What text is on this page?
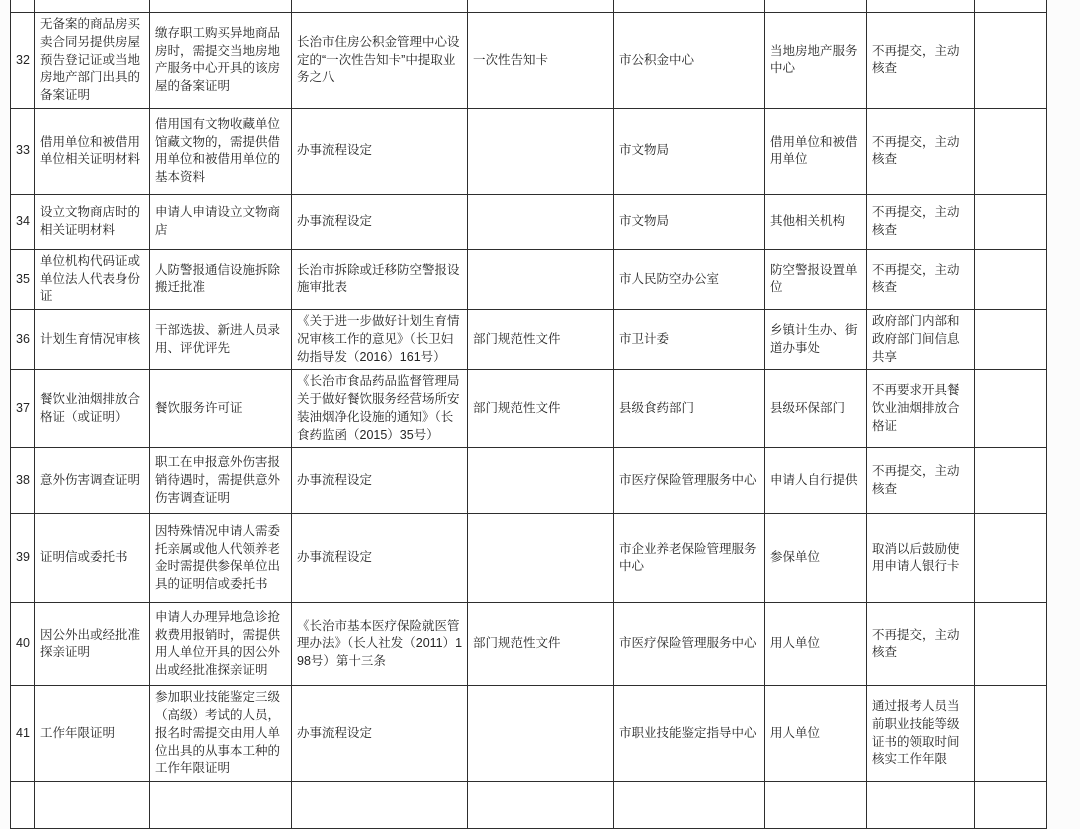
32	无备案的商品房买卖合同另提供房屋预告登记证或当地房地产部门出具的备案证明	缴存职工购买异地商品房时，需提交当地房地产服务中心开具的该房屋的备案证明	长治市住房公积金管理中心设定的“一次性告知卡”中提取业务之八	一次性告知卡	市公积金中心	当地房地产服务中心	不再提交，主动核查	
33	借用单位和被借用单位相关证明材料	借用国有文物收藏单位馆藏文物的，需提供借用单位和被借用单位的基本资料	办事流程设定		市文物局	借用单位和被借用单位	不再提交，主动核查	
34	设立文物商店时的相关证明材料	申请人申请设立文物商店	办事流程设定		市文物局	其他相关机构	不再提交，主动核查	
35	单位机构代码证或单位法人代表身份证	人防警报通信设施拆除搬迁批准	长治市拆除或迁移防空警报设施审批表		市人民防空办公室	防空警报设置单位	不再提交，主动核查	
36	计划生育情况审核	干部选拔、新进人员录用、评优评先	《关于进一步做好计划生育情况审核工作的意见》（长卫妇幼指导发（2016）161号）	部门规范性文件	市卫计委	乡镇计生办、街道办事处	政府部门内部和政府部门间信息共享	
37	餐饮业油烟排放合格证（或证明）	餐饮服务许可证	《长治市食品药品监督管理局关于做好餐饮服务经营场所安装油烟净化设施的通知》（长食药监函（2015）35号）	部门规范性文件	县级食药部门	县级环保部门	不再要求开具餐饮业油烟排放合格证	
38	意外伤害调查证明	职工在申报意外伤害报销待遇时，需提供意外伤害调查证明	办事流程设定		市医疗保险管理服务中心	申请人自行提供	不再提交，主动核查	
39	证明信或委托书	因特殊情况申请人需委托亲属或他人代领养老金时需提供参保单位出具的证明信或委托书	办事流程设定		市企业养老保险管理服务中心	参保单位	取消以后鼓励使用申请人银行卡	
40	因公外出或经批准探亲证明	申请人办理异地急诊抢救费用报销时，需提供用人单位开具的因公外出或经批准探亲证明	《长治市基本医疗保险就医管理办法》（长人社发（2011）198号）第十三条	部门规范性文件	市医疗保险管理服务中心	用人单位	不再提交，主动核查	
41	工作年限证明	参加职业技能鉴定三级（高级）考试的人员，报名时需提交由用人单位出具的从事本工种的工作年限证明	办事流程设定		市职业技能鉴定指导中心	用人单位	通过报考人员当前职业技能等级证书的领取时间核实工作年限	
